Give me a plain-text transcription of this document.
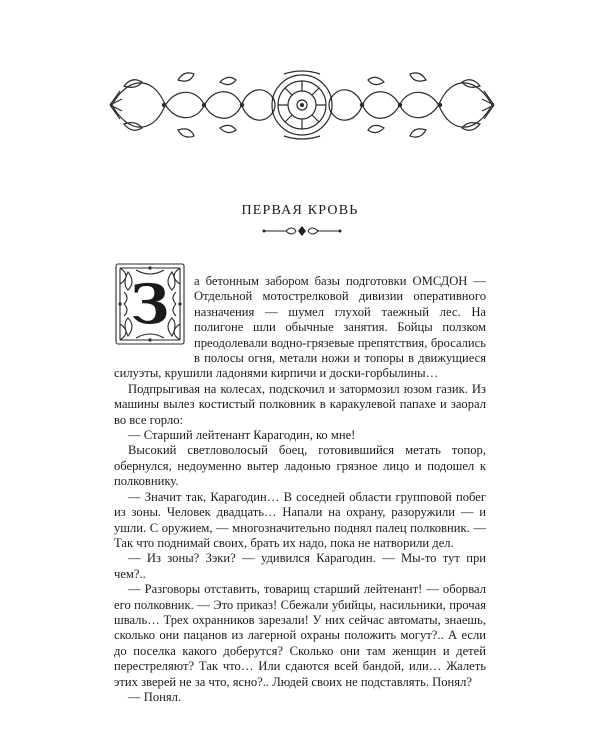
ПЕРВАЯ КРОВЬ
З	а бетонным забором базы подготовки ОМСДОН — Отдельной мотострелковой дивизии оперативного назначения — шумел глухой таежный лес. На полигоне шли обычные занятия. Бойцы ползком преодолевали водно-грязевые препятствия, бросались в полосы огня, метали ножи и топоры в движущиеся силуэты, крушили ладонями кирпичи и доски-горбылины…

Подпрыгивая на колесах, подскочил и затормозил юзом газик. Из машины вылез костистый полковник в каракулевой папахе и заорал во все горло:

— Старший лейтенант Карагодин, ко мне!

Высокий светловолосый боец, готовившийся метать топор, обернулся, недоуменно вытер ладонью грязное лицо и подошел к полковнику.

— Значит так, Карагодин… В соседней области групповой побег из зоны. Человек двадцать… Напали на охрану, разоружили — и ушли. С оружием, — многозначительно поднял палец полковник. — Так что поднимай своих, брать их надо, пока не натворили дел.

— Из зоны? Зэки? — удивился Карагодин. — Мы-то тут при чем?..

— Разговоры отставить, товарищ старший лейтенант! — оборвал его полковник. — Это приказ! Сбежали убийцы, насильники, прочая шваль… Трех охранников зарезали! У них сейчас автоматы, знаешь, сколько они пацанов из лагерной охраны положить могут?.. А если до поселка какого доберутся? Сколько они там женщин и детей перестреляют? Так что… Или сдаются всей бандой, или… Жалеть этих зверей не за что, ясно?.. Людей своих не подставлять. Понял?

— Понял.
